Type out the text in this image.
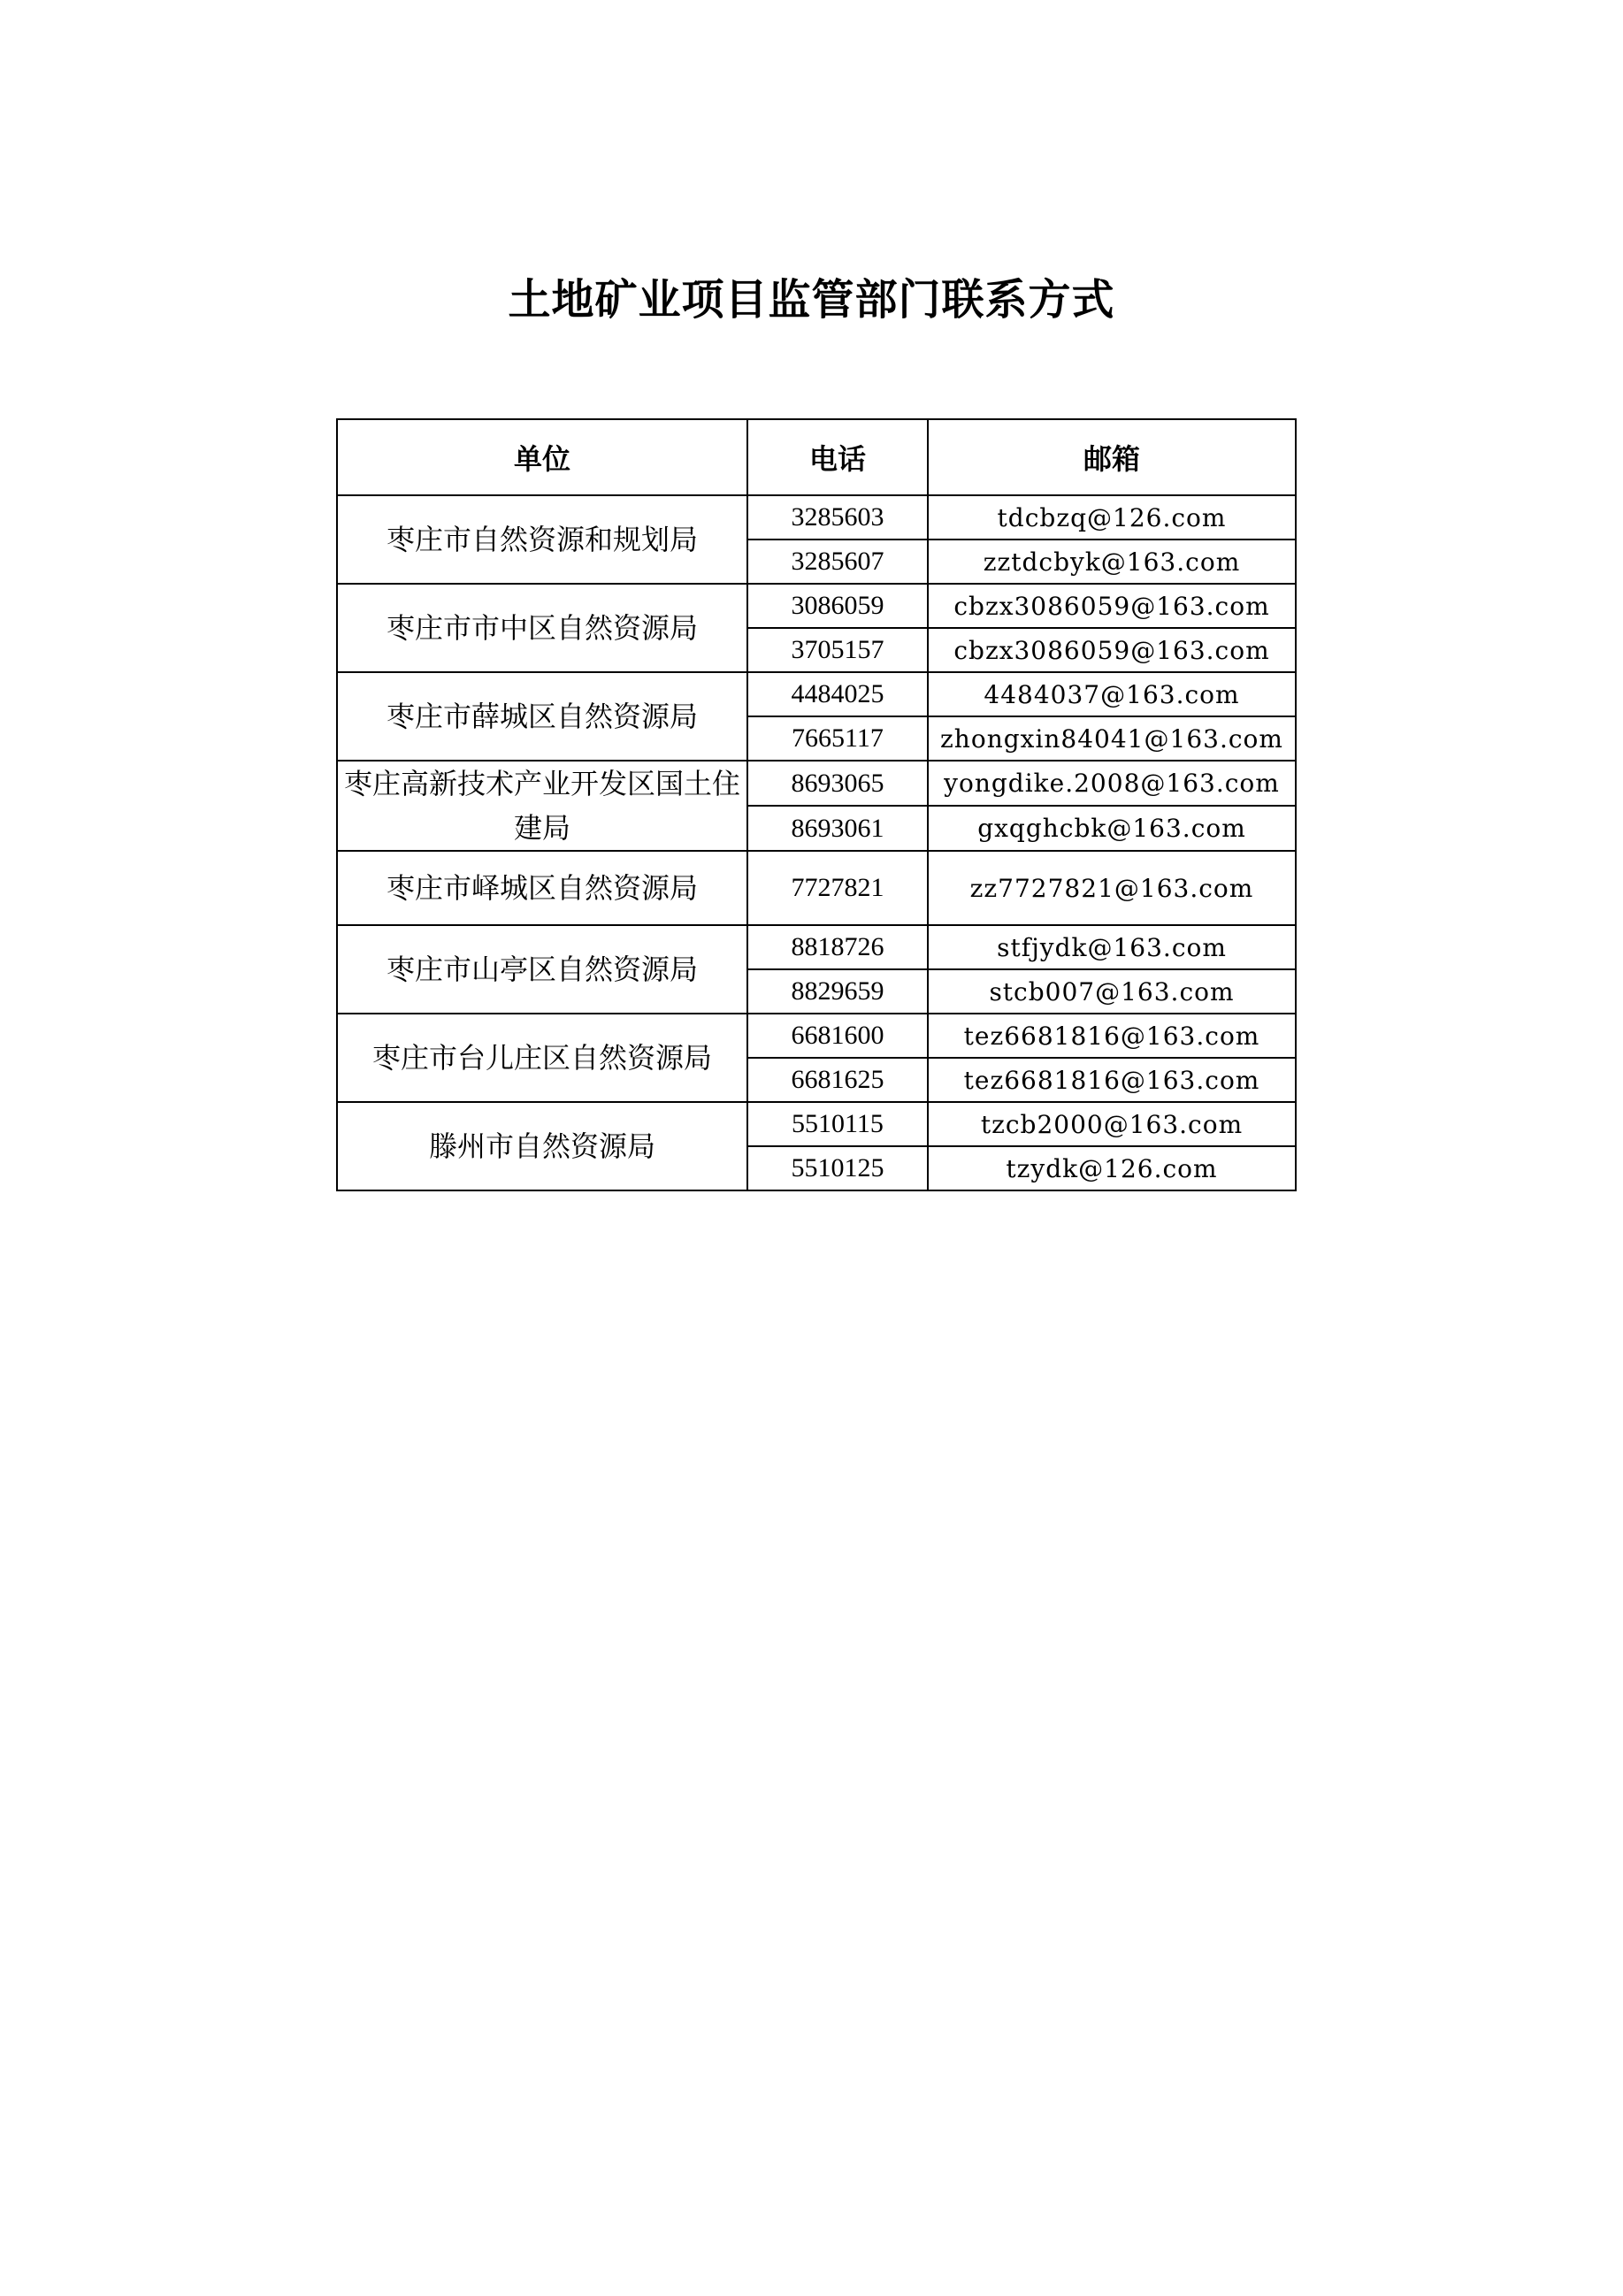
土地矿业项目监管部门联系方式
单位	电话	邮箱
枣庄市自然资源和规划局	3285603	tdcbzq@126.com
	3285607	zztdcbyk@163.com
枣庄市市中区自然资源局	3086059	cbzx3086059@163.com
	3705157	cbzx3086059@163.com
枣庄市薛城区自然资源局	4484025	4484037@163.com
	7665117	zhongxin84041@163.com
枣庄高新技术产业开发区国土住建局	8693065	yongdike.2008@163.com
	8693061	gxqghcbk@163.com
枣庄市峄城区自然资源局	7727821	zz7727821@163.com
枣庄市山亭区自然资源局	8818726	stfjydk@163.com
	8829659	stcb007@163.com
枣庄市台儿庄区自然资源局	6681600	tez6681816@163.com
	6681625	tez6681816@163.com
滕州市自然资源局	5510115	tzcb2000@163.com
	5510125	tzydk@126.com
